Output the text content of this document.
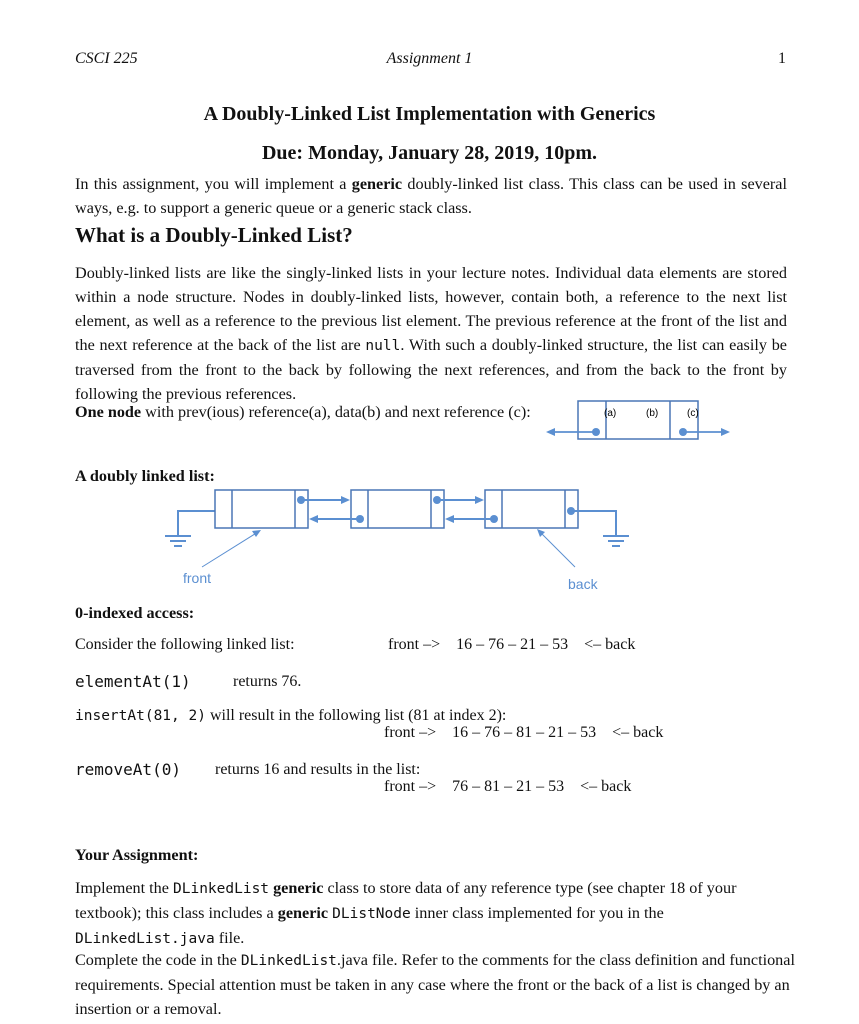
CSCI 225	Assignment 1	1
A Doubly-Linked List Implementation with Generics
Due: Monday, January 28, 2019, 10pm.
In this assignment, you will implement a generic doubly-linked list class. This class can be used in several ways, e.g. to support a generic queue or a generic stack class.
What is a Doubly-Linked List?
Doubly-linked lists are like the singly-linked lists in your lecture notes. Individual data elements are stored within a node structure. Nodes in doubly-linked lists, however, contain both, a reference to the next list element, as well as a reference to the previous list element. The previous reference at the front of the list and the next reference at the back of the list are null. With such a doubly-linked structure, the list can easily be traversed from the front to the back by following the next references, and from the back to the front by following the previous references.
One node with prev(ious) reference(a), data(b) and next reference (c):	(a)	(b)	(c)
A doubly linked list:
front	back
0-indexed access:
Consider the following linked list:	front –>    16 – 76 – 21 – 53    <– back
elementAt(1)	returns 76.
insertAt(81, 2) will result in the following list (81 at index 2):
front –>    16 – 76 – 81 – 21 – 53    <– back
removeAt(0) returns 16 and results in the list:
front –>    76 – 81 – 21 – 53    <– back
Your Assignment:
Implement the DLinkedList generic class to store data of any reference type (see chapter 18 of your textbook); this class includes a generic DListNode inner class implemented for you in the DLinkedList.java file.
Complete the code in the DLinkedList.java file. Refer to the comments for the class definition and functional requirements. Special attention must be taken in any case where the front or the back of a list is changed by an insertion or a removal.
